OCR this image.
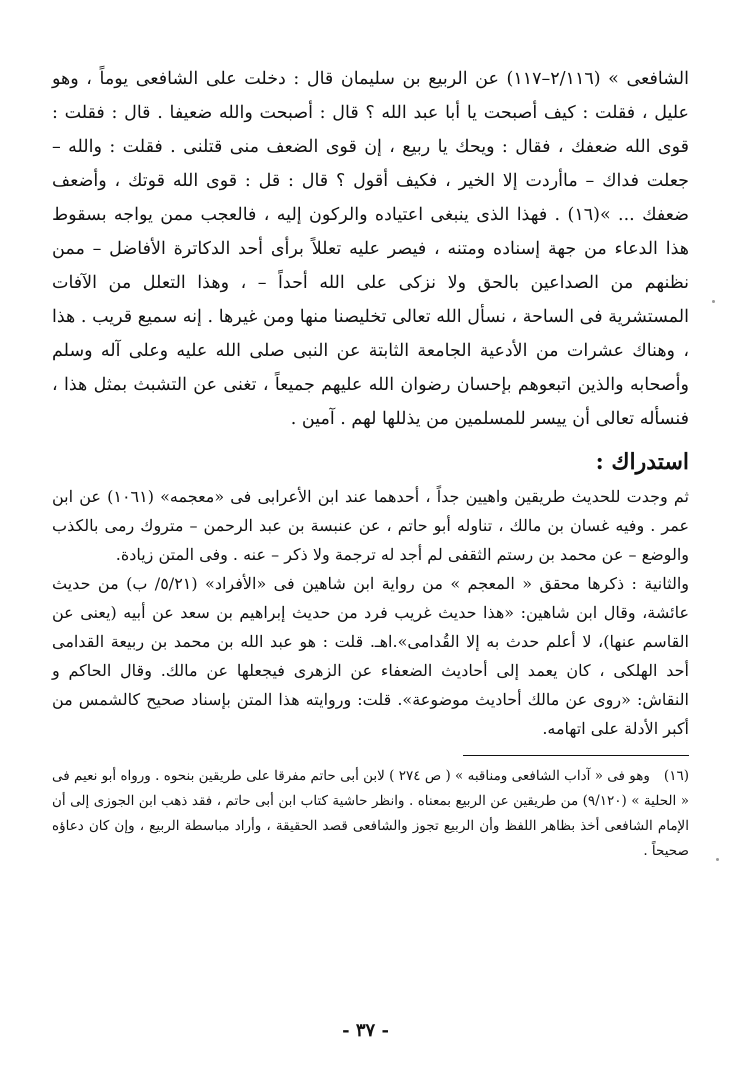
الشافعى » (٢/١١٦–١١٧) عن الربيع بن سليمان قال : دخلت على الشافعى يوماً ، وهو عليل ، فقلت : كيف أصبحت يا أبا عبد الله ؟ قال : أصبحت والله ضعيفا . قال : فقلت : قوى الله ضعفك ، فقال : ويحك يا ربيع ، إن قوى الضعف منى قتلنى . فقلت : والله – جعلت فداك – ماأردت إلا الخير ، فكيف أقول ؟ قال : قل : قوى الله قوتك ، وأضعف ضعفك ... »(١٦) . فهذا الذى ينبغى اعتياده والركون إليه ، فالعجب ممن يواجه بسقوط هذا الدعاء من جهة إسناده ومتنه ، فيصر عليه تعللاً برأى أحد الدكاترة الأفاضل – ممن نظنهم من الصداعين بالحق ولا نزكى على الله أحداً – ، وهذا التعلل من الآفات المستشرية فى الساحة ، نسأل الله تعالى تخليصنا منها ومن غيرها . إنه سميع قريب . هذا ، وهناك عشرات من الأدعية الجامعة الثابتة عن النبى صلى الله عليه وعلى آله وسلم وأصحابه والذين اتبعوهم بإحسان رضوان الله عليهم جميعاً ، تغنى عن التشبث بمثل هذا ، فنسأله تعالى أن ييسر للمسلمين من يذللها لهم . آمين .

استدراك :

ثم وجدت للحديث طريقين واهيين جداً ، أحدهما عند ابن الأعرابى فى «معجمه» (١٠٦١) عن ابن عمر . وفيه غسان بن مالك ، تناوله أبو حاتم ، عن عنبسة بن عبد الرحمن – متروك رمى بالكذب والوضع – عن محمد بن رستم الثقفى لم أجد له ترجمة ولا ذكر – عنه . وفى المتن زيادة.

والثانية : ذكرها محقق « المعجم » من رواية ابن شاهين فى «الأفراد» (٥/٢١/ ب) من حديث عائشة، وقال ابن شاهين: «هذا حديث غريب فرد من حديث إبراهيم بن سعد عن أبيه (يعنى عن القاسم عنها)، لا أعلم حدث به إلا القُدامى».اهـ. قلت : هو عبد الله بن محمد بن ربيعة القدامى أحد الهلكى ، كان يعمد إلى أحاديث الضعفاء عن الزهرى فيجعلها عن مالك. وقال الحاكم و النقاش: «روى عن مالك أحاديث موضوعة». قلت: وروايته هذا المتن بإسناد صحيح كالشمس من أكبر الأدلة على اتهامه.

(١٦)وهو فى « آداب الشافعى ومناقبه » ( ص ٢٧٤ ) لابن أبى حاتم مفرقا على طريقين بنحوه . ورواه أبو نعيم فى « الحلية » (٩/١٢٠) من طريقين عن الربيع بمعناه . وانظر حاشية كتاب ابن أبى حاتم ، فقد ذهب ابن الجوزى إلى أن الإمام الشافعى أخذ بظاهر اللفظ وأن الربيع تجوز والشافعى قصد الحقيقة ، وأراد مباسطة الربيع ، وإن كان دعاؤه صحيحاً .
- ٣٧ -
